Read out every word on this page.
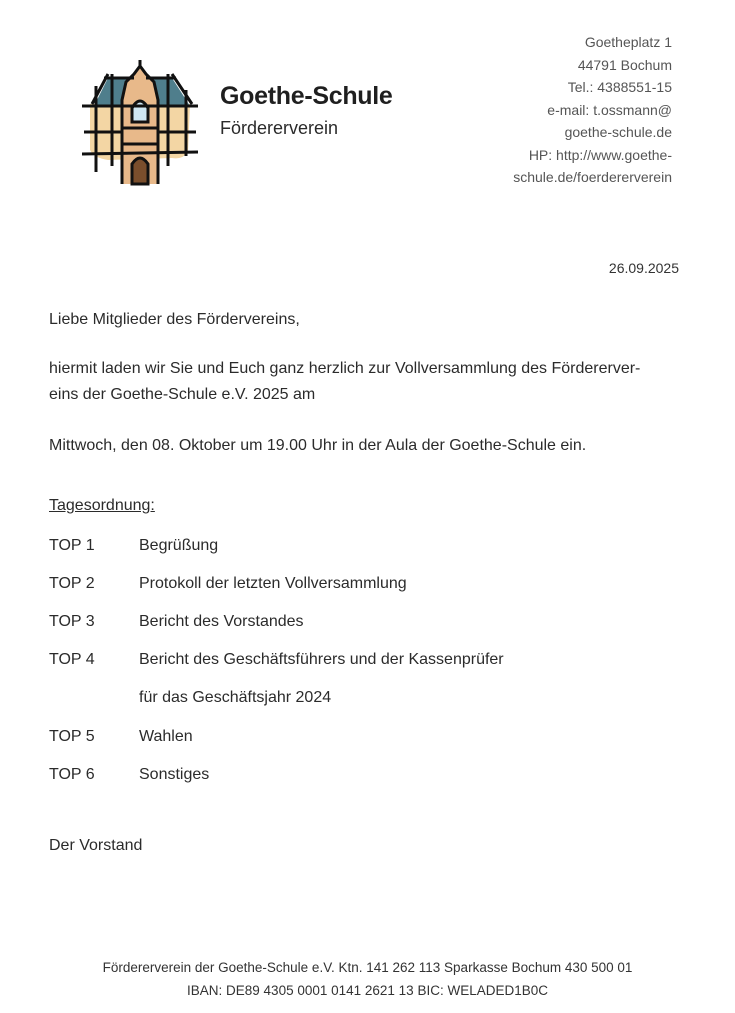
Goethe-Schule
Fördererverein
Goetheplatz 1
44791 Bochum
Tel.: 4388551-15
e-mail: t.ossmann@
goethe-schule.de
HP: http://www.goethe-
schule.de/foerdererverein
26.09.2025
Liebe Mitglieder des Fördervereins,
hiermit laden wir Sie und Euch ganz herzlich zur Vollversammlung des Fördererver-
eins der Goethe-Schule e.V. 2025 am
Mittwoch, den 08. Oktober um 19.00 Uhr in der Aula der Goethe-Schule ein.
Tagesordnung:
TOP 1	Begrüßung
TOP 2	Protokoll der letzten Vollversammlung
TOP 3	Bericht des Vorstandes
TOP 4	Bericht des Geschäftsführers und der Kassenprüfer
für das Geschäftsjahr 2024
TOP 5	Wahlen
TOP 6	Sonstiges
Der Vorstand
Fördererverein der Goethe-Schule e.V. Ktn. 141 262 113 Sparkasse Bochum 430 500 01
IBAN: DE89 4305 0001 0141 2621 13 BIC: WELADED1B0C
